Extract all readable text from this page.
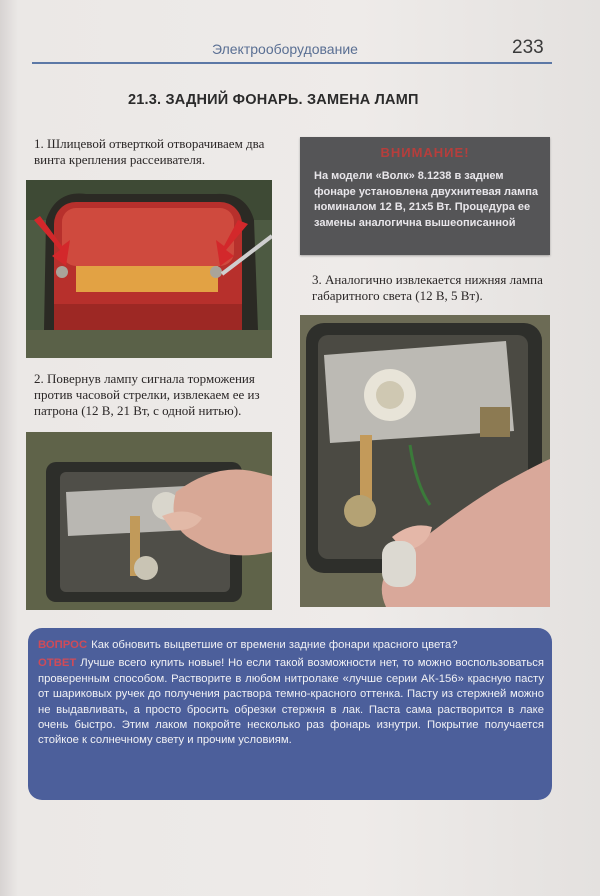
Электрооборудование	233
21.3. ЗАДНИЙ ФОНАРЬ. ЗАМЕНА ЛАМП
1. Шлицевой отверткой отворачиваем два винта крепления рассеивателя.
2. Повернув лампу сигнала торможения против часовой стрелки, извлекаем ее из патрона (12 В, 21 Вт, с одной нитью).
ВНИМАНИЕ!
На модели «Волк» 8.1238 в заднем фонаре установлена двухнитевая лампа номиналом 12 В, 21х5 Вт. Процедура ее замены аналогична вышеописанной
3. Аналогично извлекается нижняя лампа габаритного света (12 В, 5 Вт).
ВОПРОС Как обновить выцветшие от времени задние фонари красного цвета?
ОТВЕТ Лучше всего купить новые! Но если такой возможности нет, то можно воспользоваться проверенным способом. Растворите в любом нитролаке «лучше серии АК-156» красную пасту от шариковых ручек до получения раствора темно-красного оттенка. Пасту из стержней можно не выдавливать, а просто бросить обрезки стержня в лак. Паста сама растворится в лаке очень быстро. Этим лаком покройте несколько раз фонарь изнутри. Покрытие получается стойкое к солнечному свету и прочим условиям.
